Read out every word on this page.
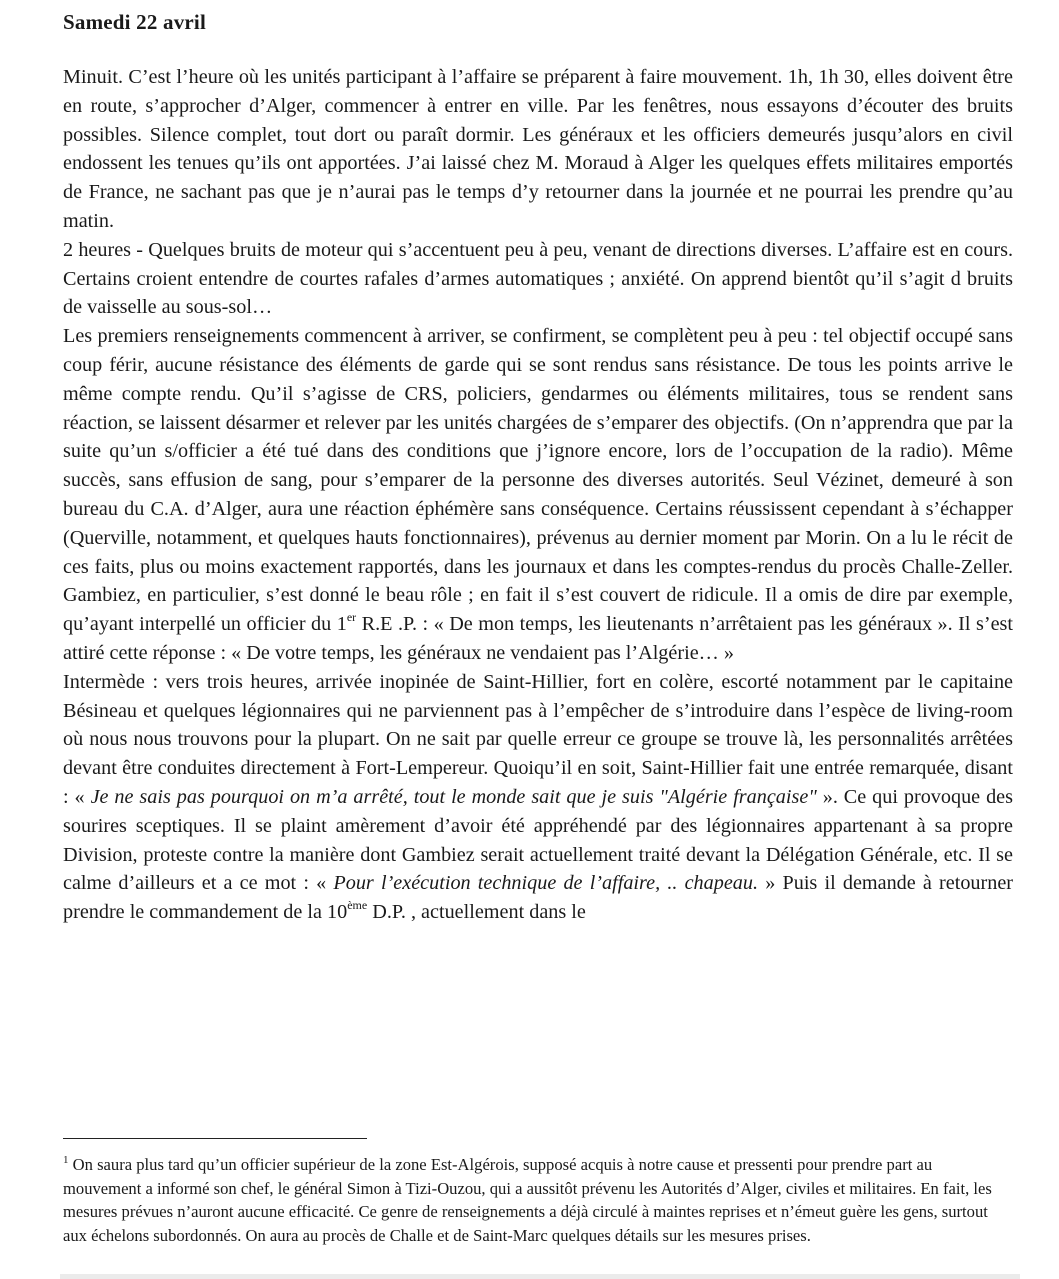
Samedi 22 avril

Minuit. C’est l’heure où les unités participant à l’affaire se préparent à faire mouvement. 1h, 1h 30, elles doivent être en route, s’approcher d’Alger, commencer à entrer en ville. Par les fenêtres, nous essayons d’écouter des bruits possibles. Silence complet, tout dort ou paraît dormir. Les généraux et les officiers demeurés jusqu’alors en civil endossent les tenues qu’ils ont apportées. J’ai laissé chez M. Moraud à Alger les quelques effets militaires emportés de France, ne sachant pas que je n’aurai pas le temps d’y retourner dans la journée et ne pourrai les prendre qu’au matin.

2 heures - Quelques bruits de moteur qui s’accentuent peu à peu, venant de directions diverses. L’affaire est en cours. Certains croient entendre de courtes rafales d’armes automatiques ; anxiété. On apprend bientôt qu’il s’agit d bruits de vaisselle au sous-sol…

Les premiers renseignements commencent à arriver, se confirment, se complètent peu à peu : tel objectif occupé sans coup férir, aucune résistance des éléments de garde qui se sont rendus sans résistance. De tous les points arrive le même compte rendu. Qu’il s’agisse de CRS, policiers, gendarmes ou éléments militaires, tous se rendent sans réaction, se laissent désarmer et relever par les unités chargées de s’emparer des objectifs. (On n’apprendra que par la suite qu’un s/officier a été tué dans des conditions que j’ignore encore, lors de l’occupation de la radio). Même succès, sans effusion de sang, pour s’emparer de la personne des diverses autorités. Seul Vézinet, demeuré à son bureau du C.A. d’Alger, aura une réaction éphémère sans conséquence. Certains réussissent cependant à s’échapper (Querville, notamment, et quelques hauts fonctionnaires), prévenus au dernier moment par Morin. On a lu le récit de ces faits, plus ou moins exactement rapportés, dans les journaux et dans les comptes-rendus du procès Challe-Zeller. Gambiez, en particulier, s’est donné le beau rôle ; en fait il s’est couvert de ridicule. Il a omis de dire par exemple, qu’ayant interpellé un officier du 1er R.E .P. : « De mon temps, les lieutenants n’arrêtaient pas les généraux ». Il s’est attiré cette réponse : « De votre temps, les généraux ne vendaient pas l’Algérie… »

Intermède : vers trois heures, arrivée inopinée de Saint-Hillier, fort en colère, escorté notamment par le capitaine Bésineau et quelques légionnaires qui ne parviennent pas à l’empêcher de s’introduire dans l’espèce de living-room où nous nous trouvons pour la plupart. On ne sait par quelle erreur ce groupe se trouve là, les personnalités arrêtées devant être conduites directement à Fort-Lempereur. Quoiqu’il en soit, Saint-Hillier fait une entrée remarquée, disant : « Je ne sais pas pourquoi on m’a arrêté, tout le monde sait que je suis "Algérie française" ». Ce qui provoque des sourires sceptiques. Il se plaint amèrement d’avoir été appréhendé par des légionnaires appartenant à sa propre Division, proteste contre la manière dont Gambiez serait actuellement traité devant la Délégation Générale, etc. Il se calme d’ailleurs et a ce mot : « Pour l’exécution technique de l’affaire, .. chapeau. » Puis il demande à retourner prendre le commandement de la 10ème D.P. , actuellement dans le

$^1$ On saura plus tard qu’un officier supérieur de la zone Est-Algérois, supposé acquis à notre cause et pressenti pour prendre part au mouvement a informé son chef, le général Simon à Tizi-Ouzou, qui a aussitôt prévenu les Autorités d’Alger, civiles et militaires. En fait, les mesures prévues n’auront aucune efficacité. Ce genre de renseignements a déjà circulé à maintes reprises et n’émeut guère les gens, surtout aux échelons subordonnés. On aura au procès de Challe et de Saint-Marc quelques détails sur les mesures prises.
